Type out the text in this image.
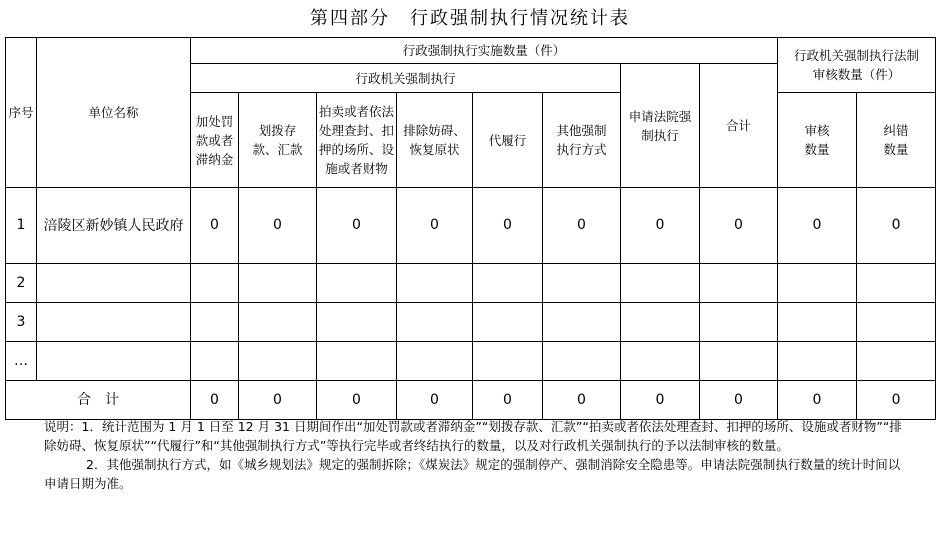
第四部分　行政强制执行情况统计表
序号	单位名称	行政强制执行实施数量（件）								行政机关强制执行法制审核数量（件）	
		行政机关强制执行						申请法院强制执行	合计		
		加处罚款或者滞纳金	划拨存款、汇款	拍卖或者依法处理查封、扣押的场所、设施或者财物	排除妨碍、恢复原状	代履行	其他强制执行方式			审核数量	纠错数量
1	涪陵区新妙镇人民政府	0	0	0	0	0	0	0	0	0	0
2											
3											
…											
合　计		0	0	0	0	0	0	0	0	0	0

说明：1．统计范围为 1 月 1 日至 12 月 31 日期间作出“加处罚款或者滞纳金”“划拨存款、汇款”“拍卖或者依法处理查封、扣押的场所、设施或者财物”“排除妨碍、恢复原状”“代履行”和“其他强制执行方式”等执行完毕或者终结执行的数量，以及对行政机关强制执行的予以法制审核的数量。

2．其他强制执行方式，如《城乡规划法》规定的强制拆除；《煤炭法》规定的强制停产、强制消除安全隐患等。申请法院强制执行数量的统计时间以申请日期为准。
